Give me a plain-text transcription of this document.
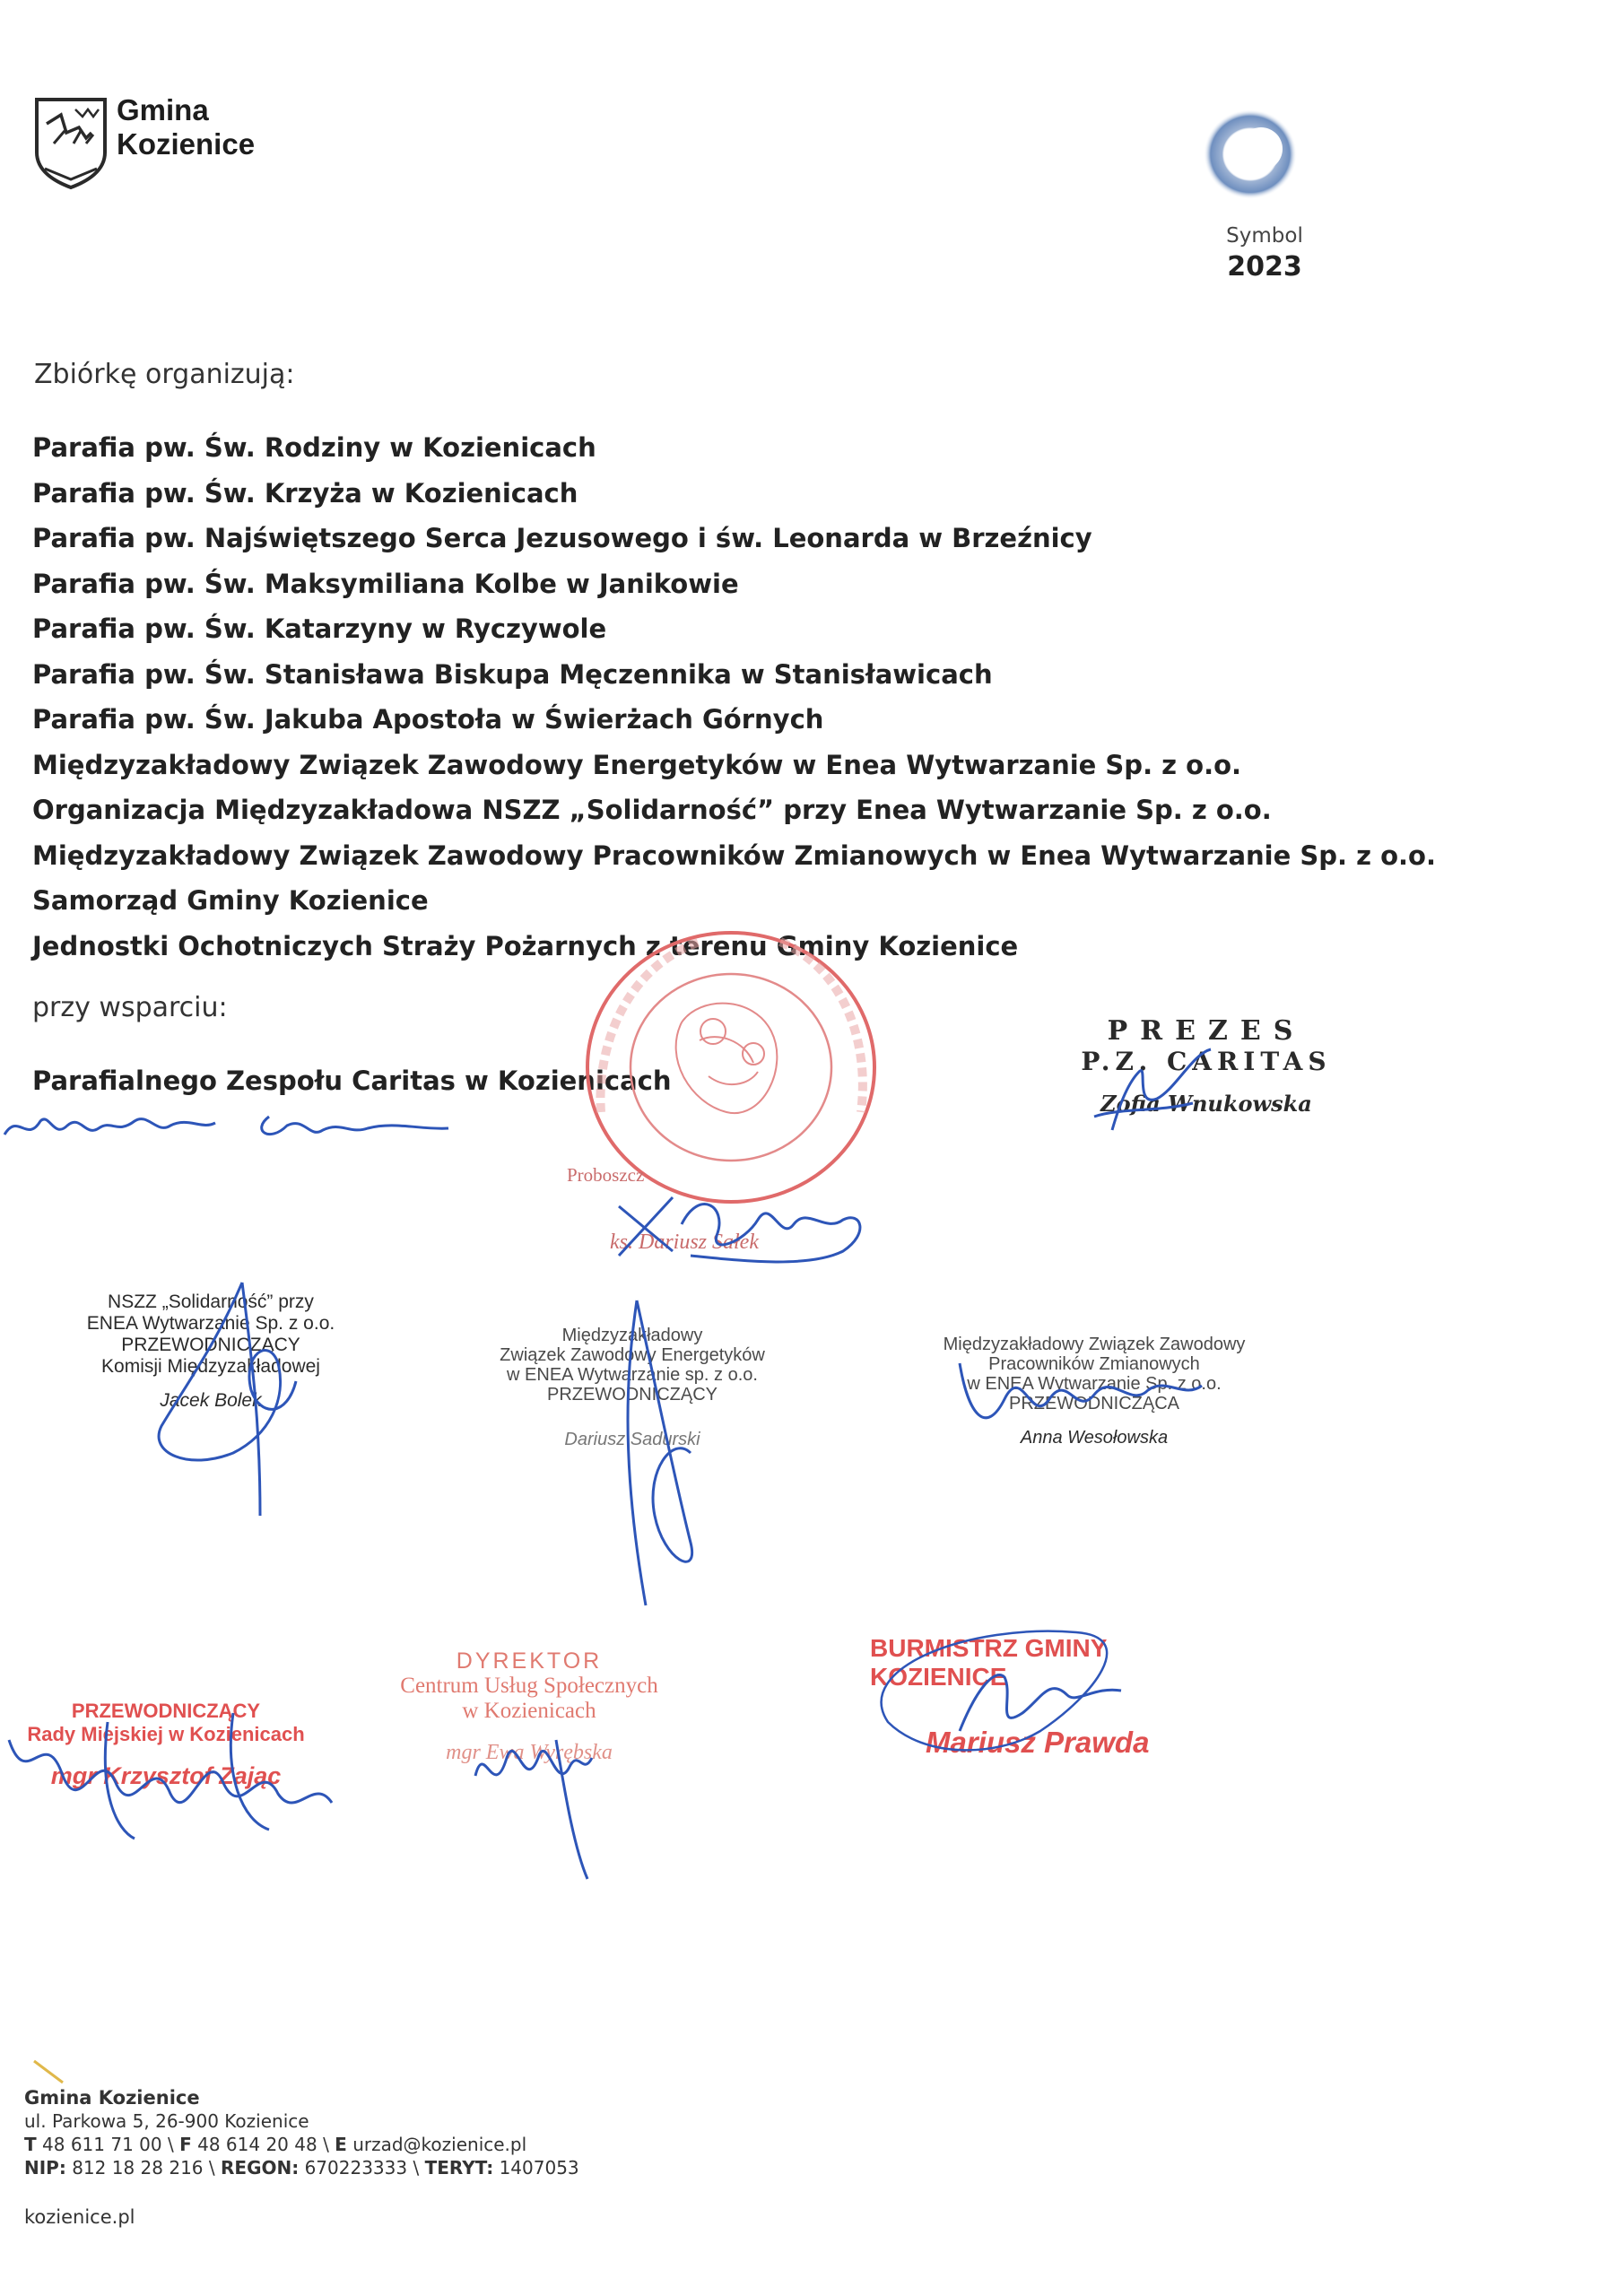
Gmina
Kozienice
Symbol
2023
Zbiórkę organizują:
Parafia pw. Św. Rodziny w Kozienicach
Parafia pw. Św. Krzyża w Kozienicach
Parafia pw. Najświętszego Serca Jezusowego i św. Leonarda w Brzeźnicy
Parafia pw. Św. Maksymiliana Kolbe w Janikowie
Parafia pw. Św. Katarzyny w Ryczywole
Parafia pw. Św. Stanisława Biskupa Męczennika w Stanisławicach
Parafia pw. Św. Jakuba Apostoła w Świerżach Górnych
Międzyzakładowy Związek Zawodowy Energetyków w Enea Wytwarzanie Sp. z o.o.
Organizacja Międzyzakładowa NSZZ „Solidarność” przy Enea Wytwarzanie Sp. z o.o.
Międzyzakładowy Związek Zawodowy Pracowników Zmianowych w Enea Wytwarzanie Sp. z o.o.
Samorząd Gminy Kozienice
Jednostki Ochotniczych Straży Pożarnych z terenu Gminy Kozienice
przy wsparciu:
Parafialnego Zespołu Caritas w Kozienicach
Proboszcz
ks. Dariusz Sałek
PREZES
P.Z. CARITAS
Zofia Wnukowska
NSZZ „Solidarność” przy
ENEA Wytwarzanie Sp. z o.o.
PRZEWODNICZĄCY
Komisji Międzyzakładowej
Jacek Bolek
Międzyzakładowy
Związek Zawodowy Energetyków
w ENEA Wytwarzanie sp. z o.o.
PRZEWODNICZĄCY
Dariusz Sadurski
Międzyzakładowy Związek Zawodowy
Pracowników Zmianowych
w ENEA Wytwarzanie Sp. z o.o.
PRZEWODNICZĄCA
Anna Wesołowska
PRZEWODNICZĄCY
Rady Miejskiej w Kozienicach
mgr Krzysztof Zając
DYREKTOR
Centrum Usług Społecznych
w Kozienicach
mgr Ewa Wyrębska
BURMISTRZ GMINY KOZIENICE
Mariusz Prawda
Gmina Kozienice
ul. Parkowa 5, 26-900 Kozienice
T 48 611 71 00 \ F 48 614 20 48 \ E urzad@kozienice.pl
NIP: 812 18 28 216 \ REGON: 670223333 \ TERYT: 1407053
kozienice.pl
